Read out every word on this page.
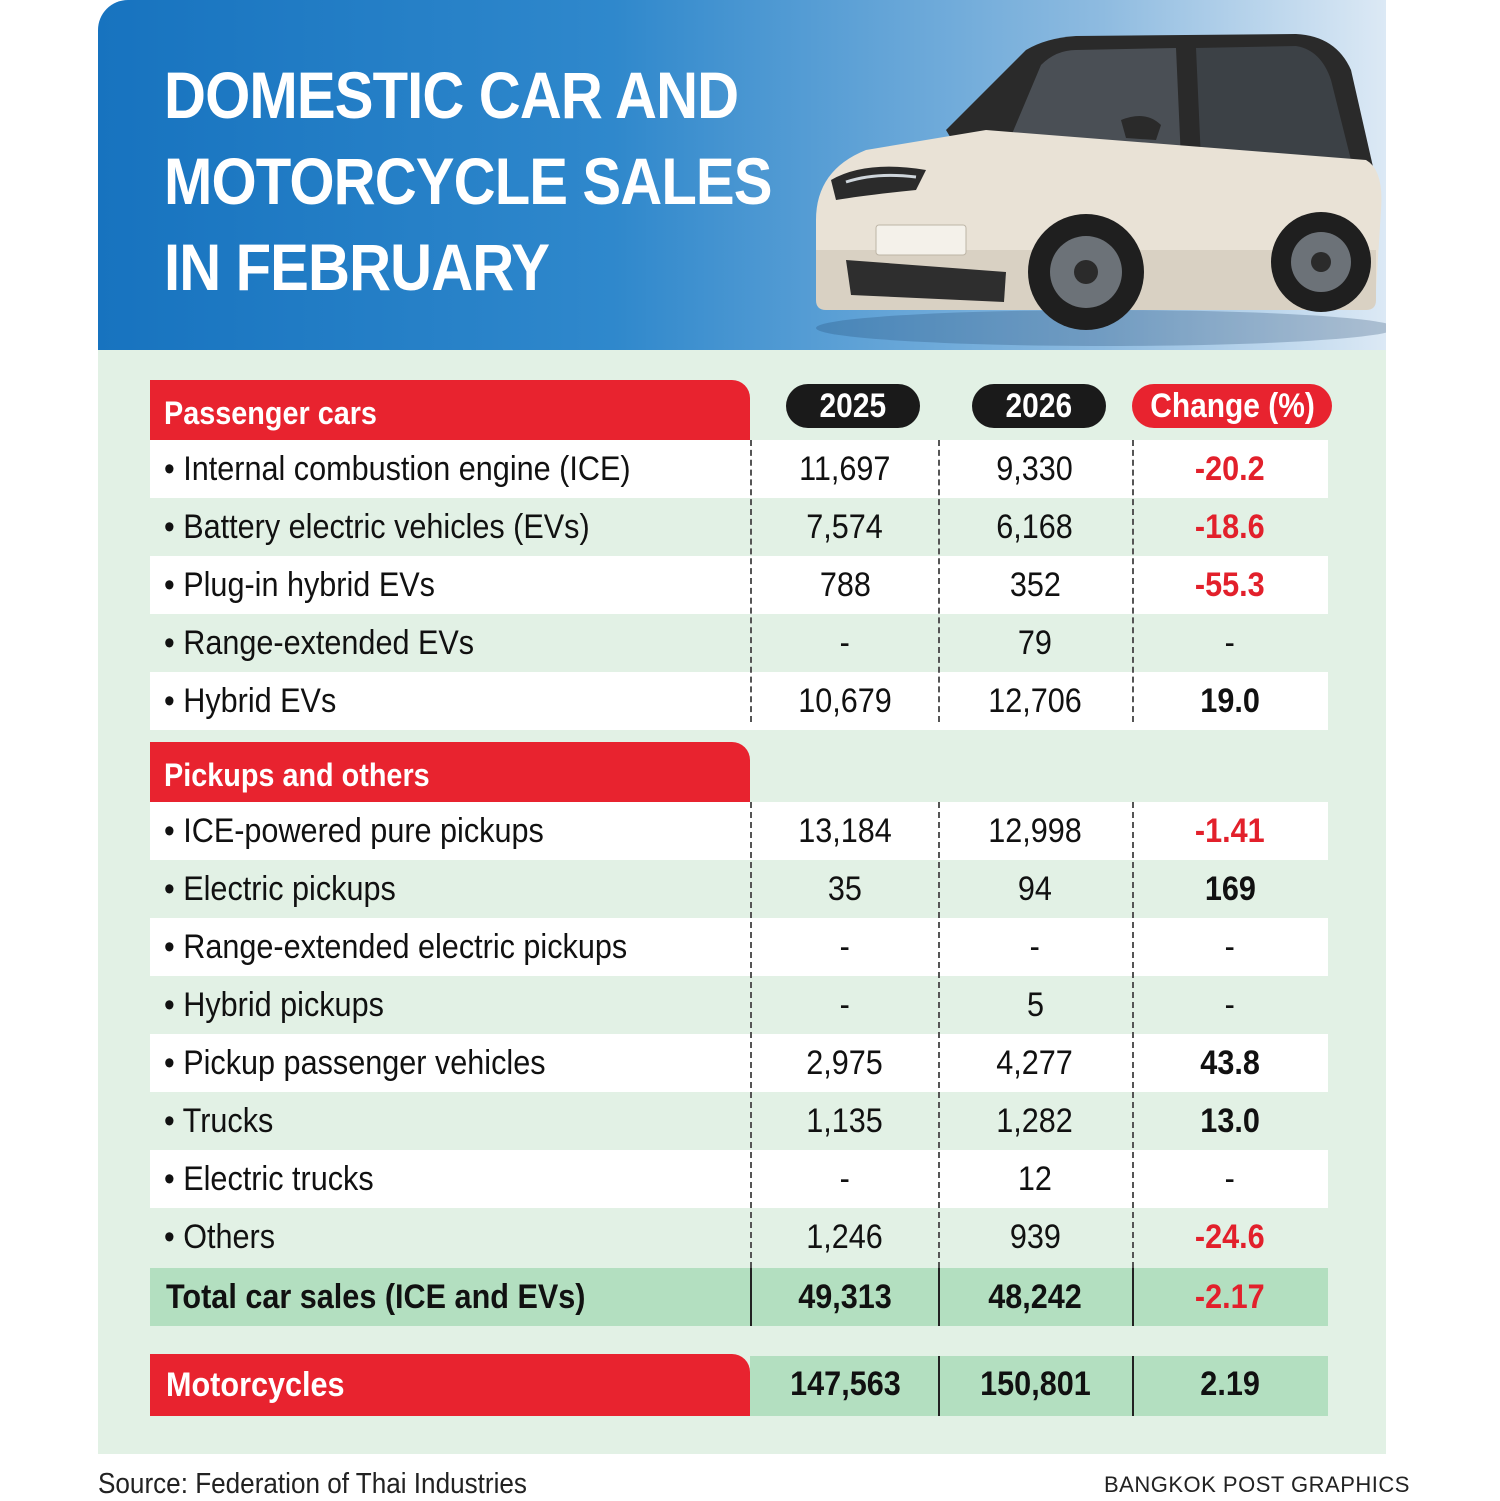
DOMESTIC CAR AND
MOTORCYCLE SALES
IN FEBRUARY
Passenger cars	2025	2026	Change (%)
• Internal combustion engine (ICE)	11,697	9,330	-20.2
• Battery electric vehicles (EVs)	7,574	6,168	-18.6
• Plug-in hybrid EVs	788	352	-55.3
• Range-extended EVs	-	79	-
• Hybrid EVs	10,679	12,706	19.0
Pickups and others
• ICE-powered pure pickups	13,184	12,998	-1.41
• Electric pickups	35	94	169
• Range-extended electric pickups	-	-	-
• Hybrid pickups	-	5	-
• Pickup passenger vehicles	2,975	4,277	43.8
• Trucks	1,135	1,282	13.0
• Electric trucks	-	12	-
• Others	1,246	939	-24.6
Total car sales (ICE and EVs)	49,313	48,242	-2.17
Motorcycles	147,563	150,801	2.19
Source: Federation of Thai Industries	BANGKOK POST GRAPHICS
